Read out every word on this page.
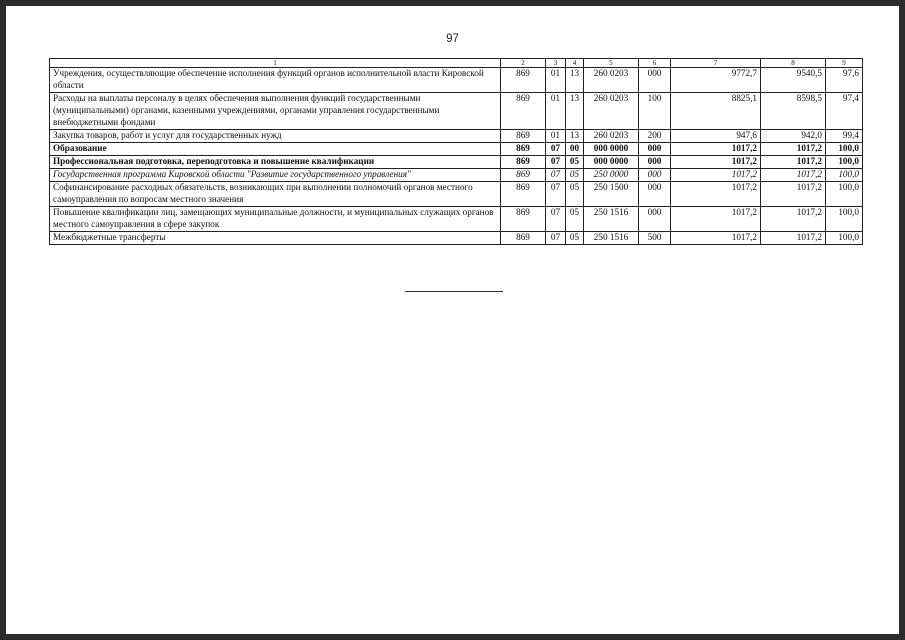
97
1	2	3	4	5	6	7	8	9
Учреждения, осуществляющие обеспечение исполнения функций органов исполнительной власти Кировской области	869	01	13	260 0203	000	9772,7	9540,5	97,6
Расходы на выплаты персоналу в целях обеспечения выполнения функций государственными (муниципальными) органами, казенными учреждениями, органами управления государственными внебюджетными фондами	869	01	13	260 0203	100	8825,1	8598,5	97,4
Закупка товаров, работ и услуг для государственных нужд	869	01	13	260 0203	200	947,6	942,0	99,4
Образование	869	07	00	000 0000	000	1017,2	1017,2	100,0
Профессиональная подготовка, переподготовка и повышение квалификации	869	07	05	000 0000	000	1017,2	1017,2	100,0
Государственная программа Кировской области "Развитие государственного управления"	869	07	05	250 0000	000	1017,2	1017,2	100,0
Софинансирование расходных обязательств, возникающих при выполнении полномочий органов местного самоуправления по вопросам местного значения	869	07	05	250 1500	000	1017,2	1017,2	100,0
Повышение квалификации лиц, замещающих муниципальные должности, и муниципальных служащих органов местного самоуправления в сфере закупок	869	07	05	250 1516	000	1017,2	1017,2	100,0
Межбюджетные трансферты	869	07	05	250 1516	500	1017,2	1017,2	100,0
